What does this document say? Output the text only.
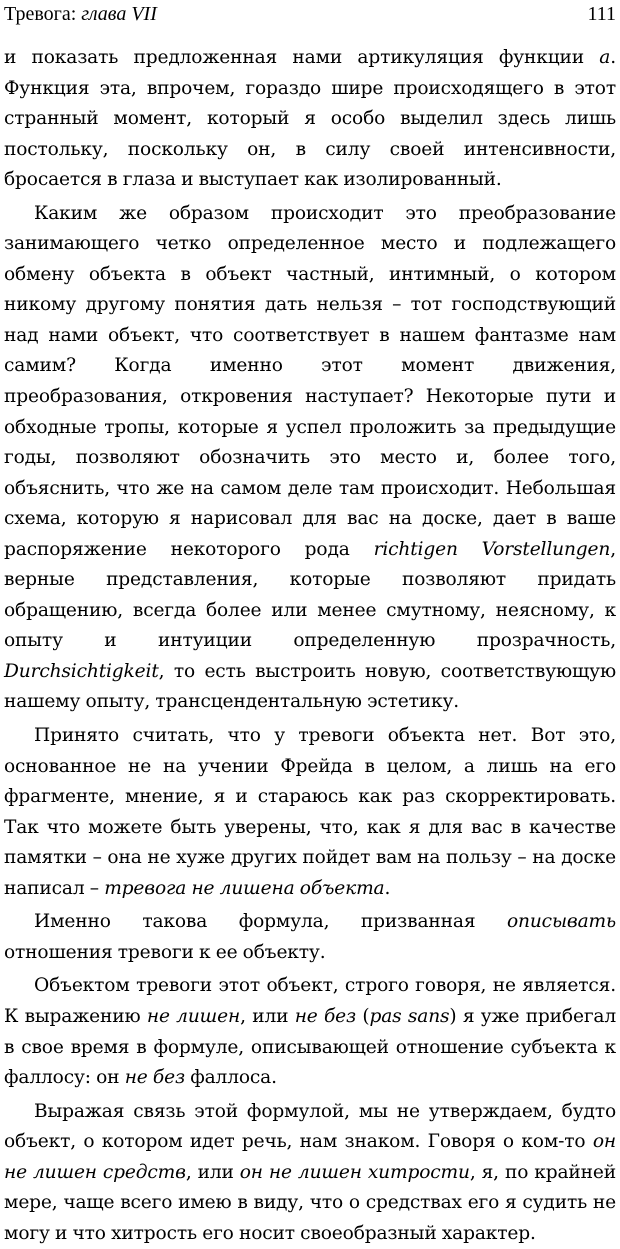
Тревога: глава VII	111

и показать предложенная нами артикуляция функции а. Функция эта, впрочем, гораздо шире происходящего в этот странный момент, который я особо выделил здесь лишь постольку, поскольку он, в силу своей интенсивности, бросается в глаза и выступает как изолированный.

Каким же образом происходит это преобразование занимающего четко определенное место и подлежащего обмену объекта в объект частный, интимный, о котором никому другому понятия дать нельзя – тот господствующий над нами объект, что соответствует в нашем фантазме нам самим? Когда именно этот момент движения, преобразования, откровения наступает? Некоторые пути и обходные тропы, которые я успел проложить за предыдущие годы, позволяют обозначить это место и, более того, объяснить, что же на самом деле там происходит. Небольшая схема, которую я нарисовал для вас на доске, дает в ваше распоряжение некоторого рода richtigen Vorstellungen, верные представления, которые позволяют придать обращению, всегда более или менее смутному, неясному, к опыту и интуиции определенную прозрачность, Durchsichtigkeit, то есть выстроить новую, соответствующую нашему опыту, трансцендентальную эстетику.

Принято считать, что у тревоги объекта нет. Вот это, основанное не на учении Фрейда в целом, а лишь на его фрагменте, мнение, я и стараюсь как раз скорректировать. Так что можете быть уверены, что, как я для вас в качестве памятки – она не хуже других пойдет вам на пользу – на доске написал – тревога не лишена объекта.

Именно такова формула, призванная описывать отношения тревоги к ее объекту.

Объектом тревоги этот объект, строго говоря, не является. К выражению не лишен, или не без (pas sans) я уже прибегал в свое время в формуле, описывающей отношение субъекта к фаллосу: он не без фаллоса.

Выражая связь этой формулой, мы не утверждаем, будто объект, о котором идет речь, нам знаком. Говоря о ком-то он не лишен средств, или он не лишен хитрости, я, по крайней мере, чаще всего имею в виду, что о средствах его я судить не могу и что хитрость его носит своеобразный характер.
